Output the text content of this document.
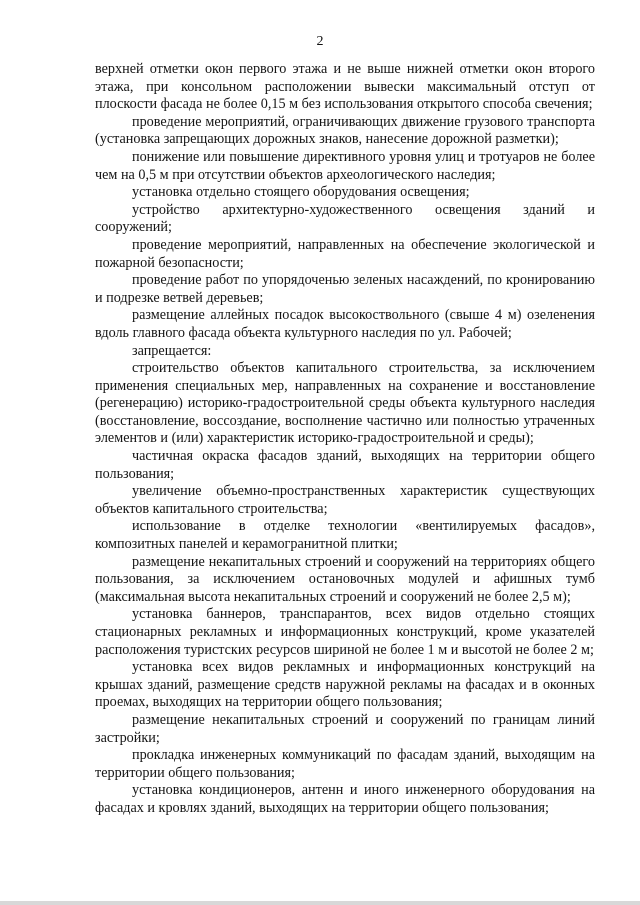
2

верхней отметки окон первого этажа и не выше нижней отметки окон второго этажа, при консольном расположении вывески максимальный отступ от плоскости фасада не более 0,15 м без использования открытого способа свечения;

проведение мероприятий, ограничивающих движение грузового транспорта (установка запрещающих дорожных знаков, нанесение дорожной разметки);

понижение или повышение директивного уровня улиц и тротуаров не более чем на 0,5 м при отсутствии объектов археологического наследия;

установка отдельно стоящего оборудования освещения;

устройство архитектурно-художественного освещения зданий и сооружений;

проведение мероприятий, направленных на обеспечение экологической и пожарной безопасности;

проведение работ по упорядоченью зеленых насаждений, по кронированию и подрезке ветвей деревьев;

размещение аллейных посадок высокоствольного (свыше 4 м) озеленения вдоль главного фасада объекта культурного наследия по ул. Рабочей;

запрещается:

строительство объектов капитального строительства, за исключением применения специальных мер, направленных на сохранение и восстановление (регенерацию) историко-градостроительной среды объекта культурного наследия (восстановление, воссоздание, восполнение частично или полностью утраченных элементов и (или) характеристик историко-градостроительной и среды);

частичная окраска фасадов зданий, выходящих на территории общего пользования;

увеличение объемно-пространственных характеристик существующих объектов капитального строительства;

использование в отделке технологии «вентилируемых фасадов», композитных панелей и керамогранитной плитки;

размещение некапитальных строений и сооружений на территориях общего пользования, за исключением остановочных модулей и афишных тумб (максимальная высота некапитальных строений и сооружений не более 2,5 м);

установка баннеров, транспарантов, всех видов отдельно стоящих стационарных рекламных и информационных конструкций, кроме указателей расположения туристских ресурсов шириной не более 1 м и высотой не более 2 м;

установка всех видов рекламных и информационных конструкций на крышах зданий, размещение средств наружной рекламы на фасадах и в оконных проемах, выходящих на территории общего пользования;

размещение некапитальных строений и сооружений по границам линий застройки;

прокладка инженерных коммуникаций по фасадам зданий, выходящим на территории общего пользования;

установка кондиционеров, антенн и иного инженерного оборудования на фасадах и кровлях зданий, выходящих на территории общего пользования;
